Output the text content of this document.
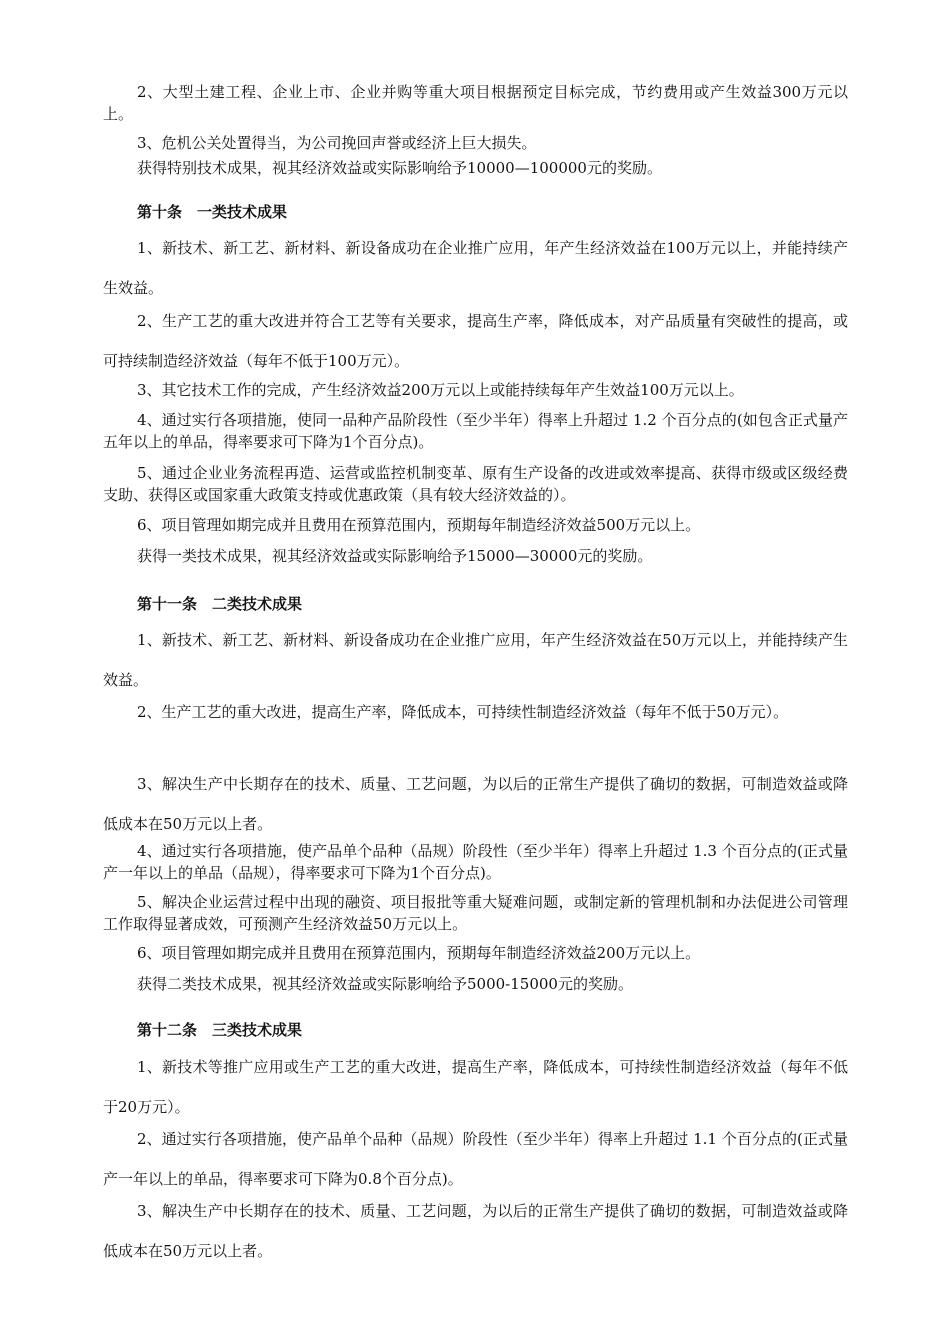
2、大型土建工程、企业上市、企业并购等重大项目根据预定目标完成，节约费用或产生效益300万元以上。

3、危机公关处置得当，为公司挽回声誉或经济上巨大损失。

获得特别技术成果，视其经济效益或实际影响给予10000—100000元的奖励。

第十条　一类技术成果

1、新技术、新工艺、新材料、新设备成功在企业推广应用，年产生经济效益在100万元以上，并能持续产生效益。

2、生产工艺的重大改进并符合工艺等有关要求，提高生产率，降低成本，对产品质量有突破性的提高，或可持续制造经济效益（每年不低于100万元）。

3、其它技术工作的完成，产生经济效益200万元以上或能持续每年产生效益100万元以上。

4、通过实行各项措施，使同一品种产品阶段性（至少半年）得率上升超过 1.2 个百分点的(如包含正式量产五年以上的单品，得率要求可下降为1个百分点)。

5、通过企业业务流程再造、运营或监控机制变革、原有生产设备的改进或效率提高、获得市级或区级经费支助、获得区或国家重大政策支持或优惠政策（具有较大经济效益的）。

6、项目管理如期完成并且费用在预算范围内，预期每年制造经济效益500万元以上。

获得一类技术成果，视其经济效益或实际影响给予15000—30000元的奖励。

第十一条　二类技术成果

1、新技术、新工艺、新材料、新设备成功在企业推广应用，年产生经济效益在50万元以上，并能持续产生效益。

2、生产工艺的重大改进，提高生产率，降低成本，可持续性制造经济效益（每年不低于50万元）。

3、解决生产中长期存在的技术、质量、工艺问题，为以后的正常生产提供了确切的数据，可制造效益或降低成本在50万元以上者。

4、通过实行各项措施，使产品单个品种（品规）阶段性（至少半年）得率上升超过 1.3 个百分点的(正式量产一年以上的单品（品规），得率要求可下降为1个百分点)。

5、解决企业运营过程中出现的融资、项目报批等重大疑难问题，或制定新的管理机制和办法促进公司管理工作取得显著成效，可预测产生经济效益50万元以上。

6、项目管理如期完成并且费用在预算范围内，预期每年制造经济效益200万元以上。

获得二类技术成果，视其经济效益或实际影响给予5000-15000元的奖励。

第十二条　三类技术成果

1、新技术等推广应用或生产工艺的重大改进，提高生产率，降低成本，可持续性制造经济效益（每年不低于20万元）。

2、通过实行各项措施，使产品单个品种（品规）阶段性（至少半年）得率上升超过 1.1 个百分点的(正式量产一年以上的单品，得率要求可下降为0.8个百分点)。

3、解决生产中长期存在的技术、质量、工艺问题，为以后的正常生产提供了确切的数据，可制造效益或降低成本在50万元以上者。
